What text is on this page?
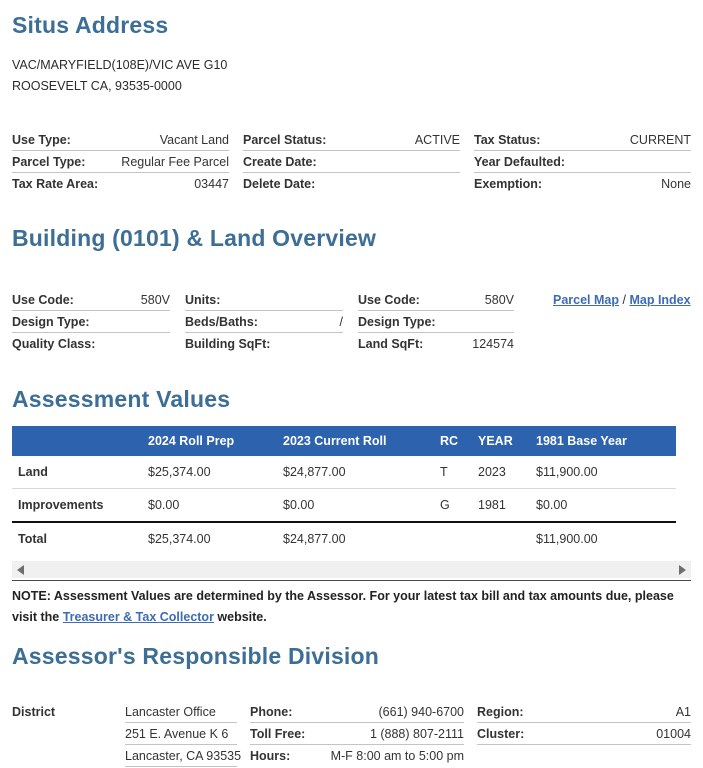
Situs Address

VAC/MARYFIELD(108E)/VIC AVE G10

ROOSEVELT CA, 93535-0000

Use Type:	Vacant Land
Parcel Type:	Regular Fee Parcel
Tax Rate Area:	03447
Parcel Status:	ACTIVE
Create Date:
Delete Date:
Tax Status:	CURRENT
Year Defaulted:
Exemption:	None
Building (0101) & Land Overview
Use Code:	580V
Design Type:
Quality Class:
Units:
Beds/Baths:	/
Building SqFt:
Use Code:	580V
Design Type:
Land SqFt:	124574
Parcel Map / Map Index
Assessment Values
	2024 Roll Prep	2023 Current Roll	RC	YEAR	1981 Base Year
Land	$25,374.00	$24,877.00	T	2023	$11,900.00
Improvements	$0.00	$0.00	G	1981	$0.00
Total	$25,374.00	$24,877.00			$11,900.00
NOTE: Assessment Values are determined by the Assessor. For your latest tax bill and tax amounts due, please visit the Treasurer & Tax Collector website.
Assessor's Responsible Division
District	Lancaster Office
251 E. Avenue K 6
Lancaster, CA 93535
Phone:	(661) 940-6700
Toll Free:	1 (888) 807-2111
Hours:	M-F 8:00 am to 5:00 pm
Region:	A1
Cluster:	01004
